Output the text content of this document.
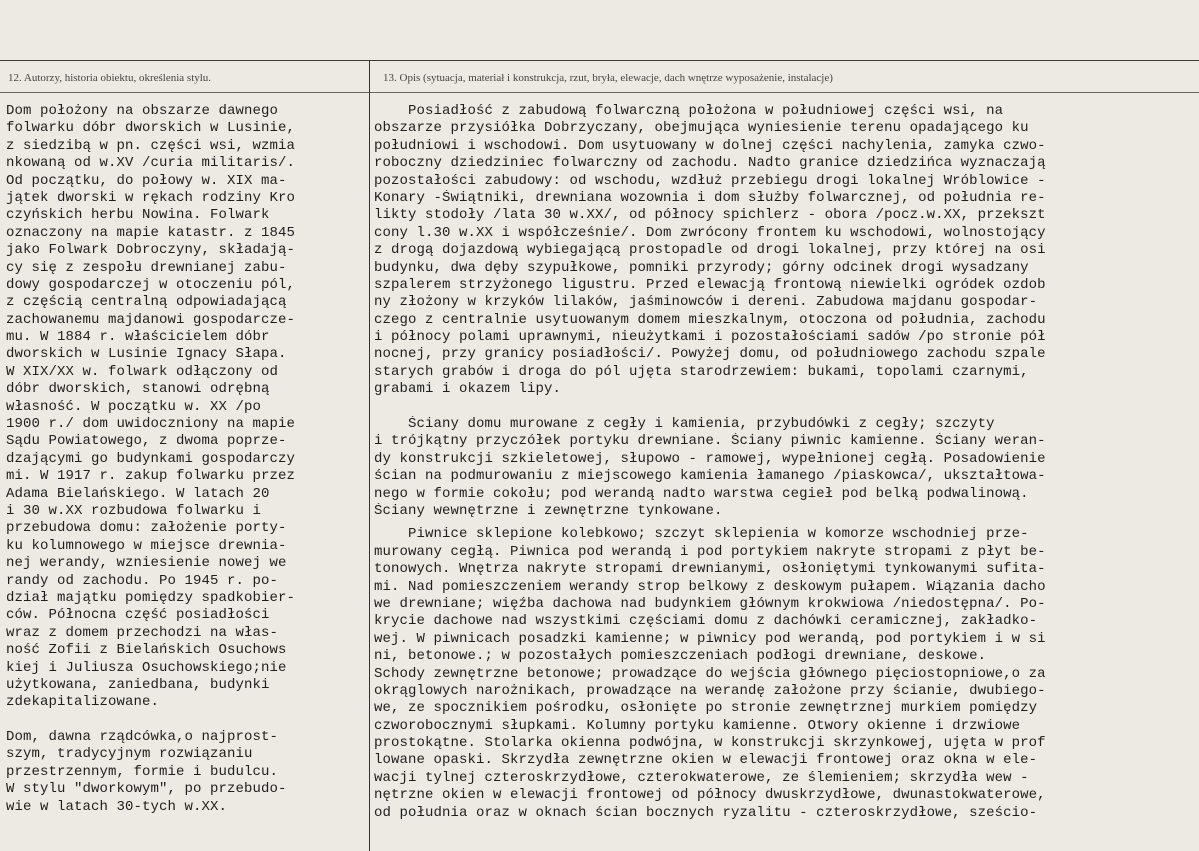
12. Autorzy, historia obiektu, określenia stylu.	13. Opis (sytuacja, materiał i konstrukcja, rzut, bryła, elewacje, dach wnętrze wyposażenie, instalacje)
Dom położony na obszarze dawnego
folwarku dóbr dworskich w Lusinie,
z siedzibą w pn. części wsi, wzmia
nkowaną od w.XV /curia militaris/.
Od początku, do połowy w. XIX ma-
jątek dworski w rękach rodziny Kro
czyńskich herbu Nowina. Folwark
oznaczony na mapie katastr. z 1845
jako Folwark Dobroczyny, składają-
cy się z zespołu drewnianej zabu-
dowy gospodarczej w otoczeniu pól,
z częścią centralną odpowiadającą
zachowanemu majdanowi gospodarcze-
mu. W 1884 r. właścicielem dóbr
dworskich w Lusinie Ignacy Słapa.
W XIX/XX w. folwark odłączony od
dóbr dworskich, stanowi odrębną
własność. W początku w. XX /po
1900 r./ dom uwidoczniony na mapie
Sądu Powiatowego, z dwoma poprze-
dzającymi go budynkami gospodarczy
mi. W 1917 r. zakup folwarku przez
Adama Bielańskiego. W latach 20
i 30 w.XX rozbudowa folwarku i
przebudowa domu: założenie porty-
ku kolumnowego w miejsce drewnia-
nej werandy, wzniesienie nowej we
randy od zachodu. Po 1945 r. po-
dział majątku pomiędzy spadkobier-
ców. Północna część posiadłości
wraz z domem przechodzi na włas-
ność Zofii z Bielańskich Osuchows
kiej i Juliusza Osuchowskiego;nie
użytkowana, zaniedbana, budynki
zdekapitalizowane.
Dom, dawna rządcówka,o najprost-
szym, tradycyjnym rozwiązaniu
przestrzennym, formie i budulcu.
W stylu "dworkowym", po przebudo-
wie w latach 30-tych w.XX.
Posiadłość z zabudową folwarczną położona w południowej części wsi, na
obszarze przysiółka Dobrzyczany, obejmująca wyniesienie terenu opadającego ku
południowi i wschodowi. Dom usytuowany w dolnej części nachylenia, zamyka czwo-
roboczny dziedziniec folwarczny od zachodu. Nadto granice dziedzińca wyznaczają
pozostałości zabudowy: od wschodu, wzdłuż przebiegu drogi lokalnej Wróblowice -
Konary -Świątniki, drewniana wozownia i dom służby folwarcznej, od południa re-
likty stodoły /lata 30 w.XX/, od północy spichlerz - obora /pocz.w.XX, przekszt
cony l.30 w.XX i współcześnie/. Dom zwrócony frontem ku wschodowi, wolnostojący
z drogą dojazdową wybiegającą prostopadle od drogi lokalnej, przy której na osi
budynku, dwa dęby szypułkowe, pomniki przyrody; górny odcinek drogi wysadzany
szpalerem strzyżonego ligustru. Przed elewacją frontową niewielki ogródek ozdob
ny złożony w krzyków lilaków, jaśminowców i dereni. Zabudowa majdanu gospodar-
czego z centralnie usytuowanym domem mieszkalnym, otoczona od południa, zachodu
i północy polami uprawnymi, nieużytkami i pozostałościami sadów /po stronie pół
nocnej, przy granicy posiadłości/. Powyżej domu, od południowego zachodu szpale
starych grabów i droga do pól ujęta starodrzewiem: bukami, topolami czarnymi,
grabami i okazem lipy.
Ściany domu murowane z cegły i kamienia, przybudówki z cegły; szczyty
i trójkątny przyczółek portyku drewniane. Ściany piwnic kamienne. Ściany weran-
dy konstrukcji szkieletowej, słupowo - ramowej, wypełnionej cegłą. Posadowienie
ścian na podmurowaniu z miejscowego kamienia łamanego /piaskowca/, ukształtowa-
nego w formie cokołu; pod werandą nadto warstwa cegieł pod belką podwalinową.
Ściany wewnętrzne i zewnętrzne tynkowane.
Piwnice sklepione kolebkowo; szczyt sklepienia w komorze wschodniej prze-
murowany cegłą. Piwnica pod werandą i pod portykiem nakryte stropami z płyt be-
tonowych. Wnętrza nakryte stropami drewnianymi, osłoniętymi tynkowanymi sufita-
mi. Nad pomieszczeniem werandy strop belkowy z deskowym pułapem. Wiązania dacho
we drewniane; więźba dachowa nad budynkiem głównym krokwiowa /niedostępna/. Po-
krycie dachowe nad wszystkimi częściami domu z dachówki ceramicznej, zakładko-
wej. W piwnicach posadzki kamienne; w piwnicy pod werandą, pod portykiem i w si
ni, betonowe.; w pozostałych pomieszczeniach podłogi drewniane, deskowe.
Schody zewnętrzne betonowe; prowadzące do wejścia głównego pięciostopniowe,o za
okrąglowych narożnikach, prowadzące na werandę założone przy ścianie, dwubiego-
we, ze spocznikiem pośrodku, osłonięte po stronie zewnętrznej murkiem pomiędzy
czworobocznymi słupkami. Kolumny portyku kamienne. Otwory okienne i drzwiowe
prostokątne. Stolarka okienna podwójna, w konstrukcji skrzynkowej, ujęta w prof
lowane opaski. Skrzydła zewnętrzne okien w elewacji frontowej oraz okna w ele-
wacji tylnej czteroskrzydłowe, czterokwaterowe, ze ślemieniem; skrzydła wew -
nętrzne okien w elewacji frontowej od północy dwuskrzydłowe, dwunastokwaterowe,
od południa oraz w oknach ścian bocznych ryzalitu - czteroskrzydłowe, sześcio-
